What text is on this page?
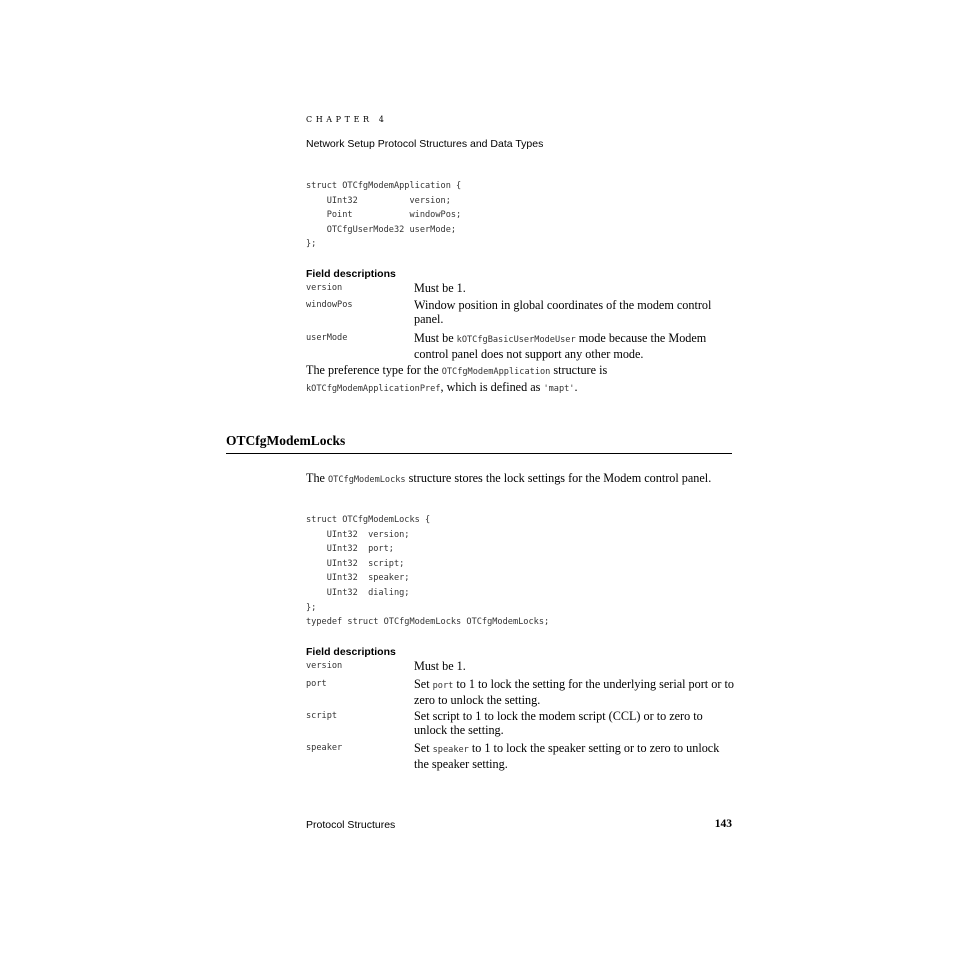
CHAPTER 4
Network Setup Protocol Structures and Data Types
struct OTCfgModemApplication {
UInt32          version;
Point           windowPos;
OTCfgUserMode32 userMode;
};
Field descriptions
version	Must be 1.
windowPos	Window position in global coordinates of the modem control panel.
userMode	Must be kOTCfgBasicUserModeUser mode because the Modem control panel does not support any other mode.
The preference type for the OTCfgModemApplication structure is
kOTCfgModemApplicationPref, which is defined as 'mapt'.
OTCfgModemLocks
The OTCfgModemLocks structure stores the lock settings for the Modem control panel.
struct OTCfgModemLocks {
UInt32  version;
UInt32  port;
UInt32  script;
UInt32  speaker;
UInt32  dialing;
};
typedef struct OTCfgModemLocks OTCfgModemLocks;
Field descriptions
version	Must be 1.
port	Set port to 1 to lock the setting for the underlying serial port or to zero to unlock the setting.
script	Set script to 1 to lock the modem script (CCL) or to zero to unlock the setting.
speaker	Set speaker to 1 to lock the speaker setting or to zero to unlock the speaker setting.
Protocol Structures	143
